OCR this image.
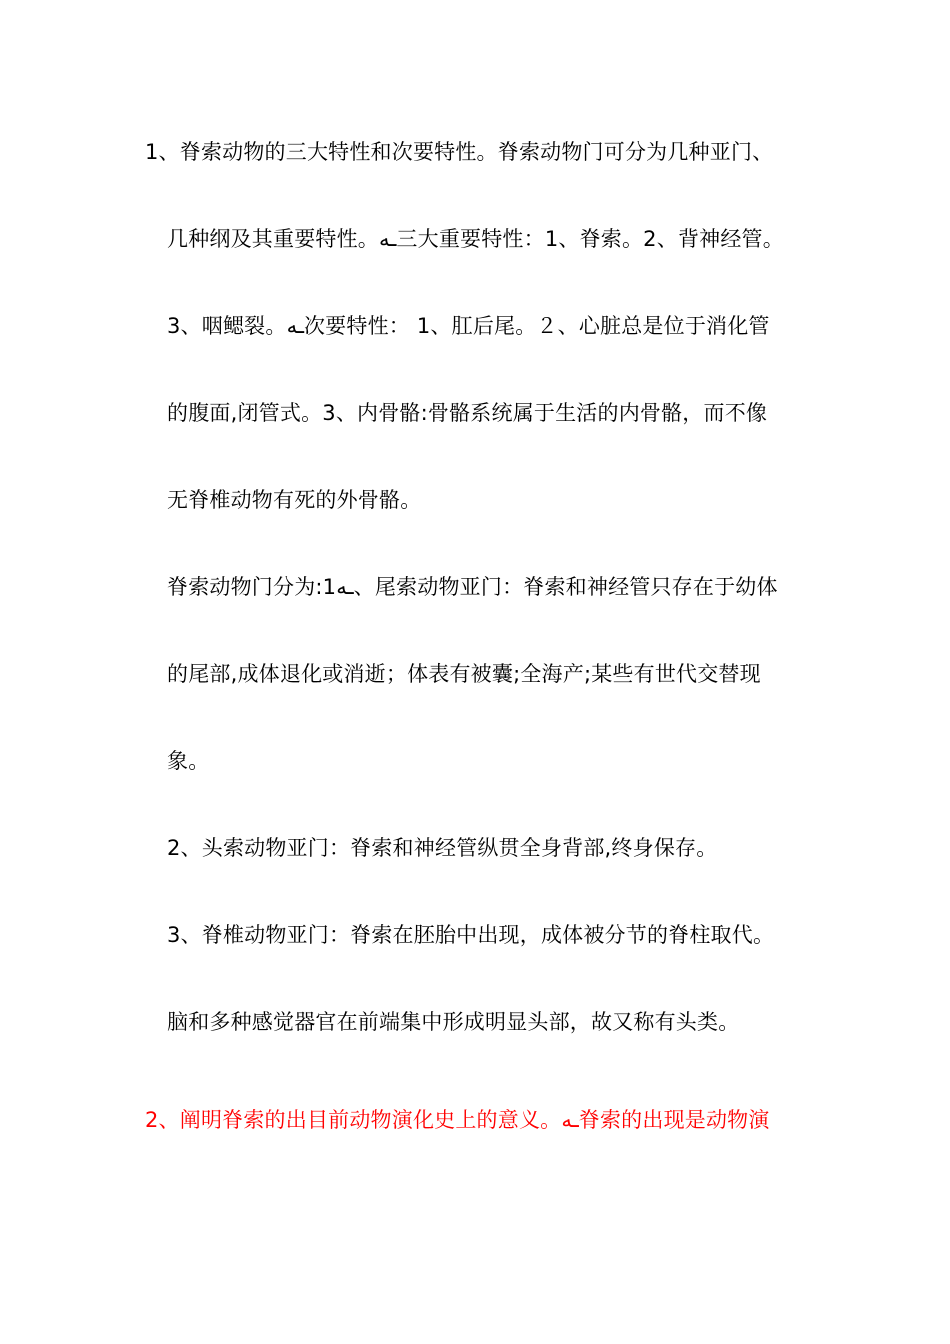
1、脊索动物的三大特性和次要特性。脊索动物门可分为几种亚门、
几种纲及其重要特性。ـه三大重要特性：1、脊索。2、背神经管。
3、咽鳃裂。ـه次要特性： 1、肛后尾。２、心脏总是位于消化管
的腹面,闭管式。3、内骨骼:骨骼系统属于生活的内骨骼，而不像
无脊椎动物有死的外骨骼。
脊索动物门分为:1ـه、尾索动物亚门：脊索和神经管只存在于幼体
的尾部,成体退化或消逝；体表有被囊;全海产;某些有世代交替现
象。
2、头索动物亚门：脊索和神经管纵贯全身背部,终身保存。
3、脊椎动物亚门：脊索在胚胎中出现，成体被分节的脊柱取代。
脑和多种感觉器官在前端集中形成明显头部，故又称有头类。
2、阐明脊索的出目前动物演化史上的意义。ـه脊索的出现是动物演
